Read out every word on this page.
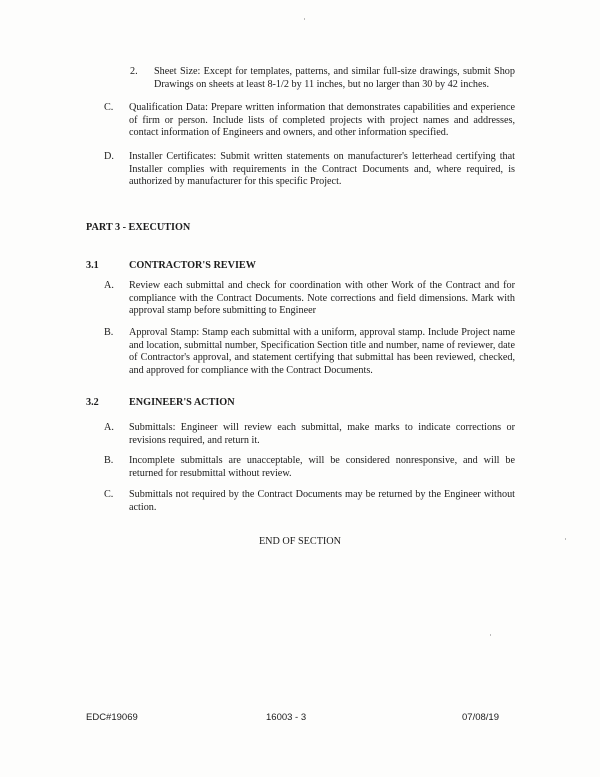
2. Sheet Size: Except for templates, patterns, and similar full-size drawings, submit Shop Drawings on sheets at least 8-1/2 by 11 inches, but no larger than 30 by 42 inches.
C. Qualification Data: Prepare written information that demonstrates capabilities and experience of firm or person. Include lists of completed projects with project names and addresses, contact information of Engineers and owners, and other information specified.
D. Installer Certificates: Submit written statements on manufacturer's letterhead certifying that Installer complies with requirements in the Contract Documents and, where required, is authorized by manufacturer for this specific Project.
PART 3 - EXECUTION
3.1	CONTRACTOR'S REVIEW
A. Review each submittal and check for coordination with other Work of the Contract and for compliance with the Contract Documents. Note corrections and field dimensions. Mark with approval stamp before submitting to Engineer
B. Approval Stamp: Stamp each submittal with a uniform, approval stamp. Include Project name and location, submittal number, Specification Section title and number, name of reviewer, date of Contractor's approval, and statement certifying that submittal has been reviewed, checked, and approved for compliance with the Contract Documents.
3.2	ENGINEER'S ACTION
A. Submittals: Engineer will review each submittal, make marks to indicate corrections or revisions required, and return it.
B. Incomplete submittals are unacceptable, will be considered nonresponsive, and will be returned for resubmittal without review.
C. Submittals not required by the Contract Documents may be returned by the Engineer without action.
END OF SECTION
EDC#19069	16003 - 3	07/08/19
